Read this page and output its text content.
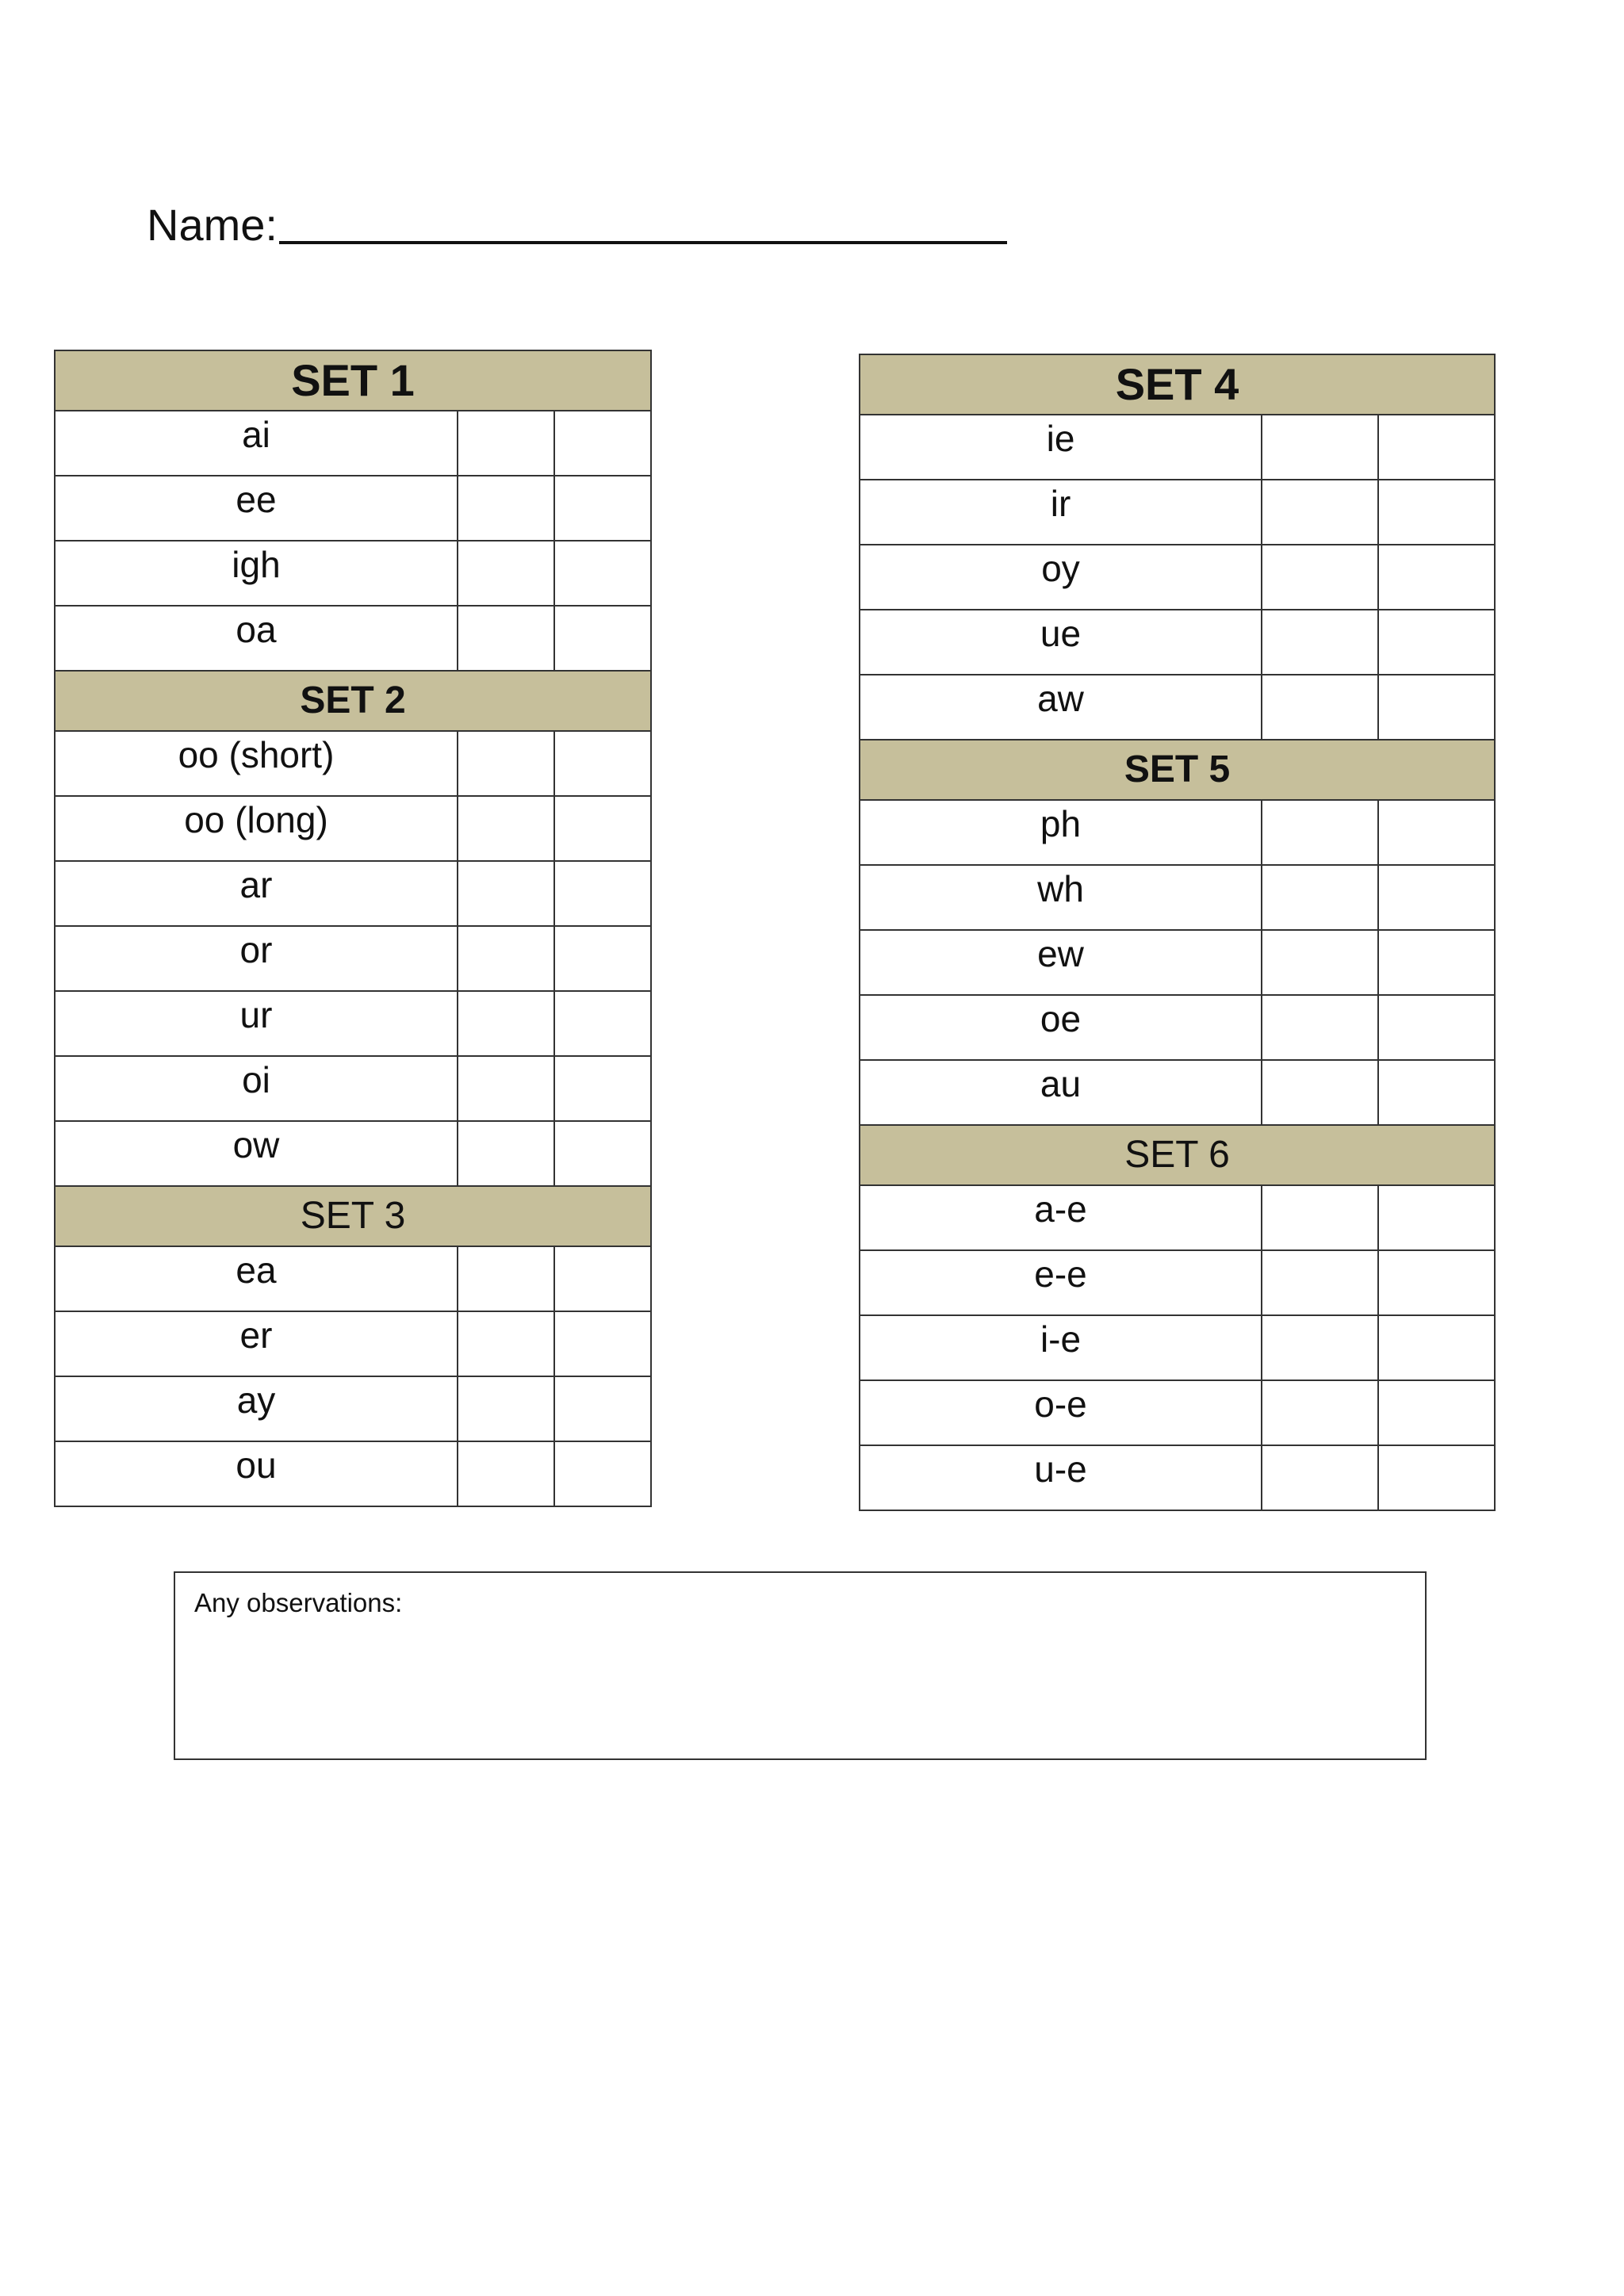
Name:
SET 1		
ai		
ee		
igh		
oa		
SET 2		
oo (short)		
oo (long)		
ar		
or		
ur		
oi		
ow		
SET 3		
ea		
er		
ay		
ou		
SET 4		
ie		
ir		
oy		
ue		
aw		
SET 5		
ph		
wh		
ew		
oe		
au		
SET 6		
a-e		
e-e		
i-e		
o-e		
u-e		
Any observations:
